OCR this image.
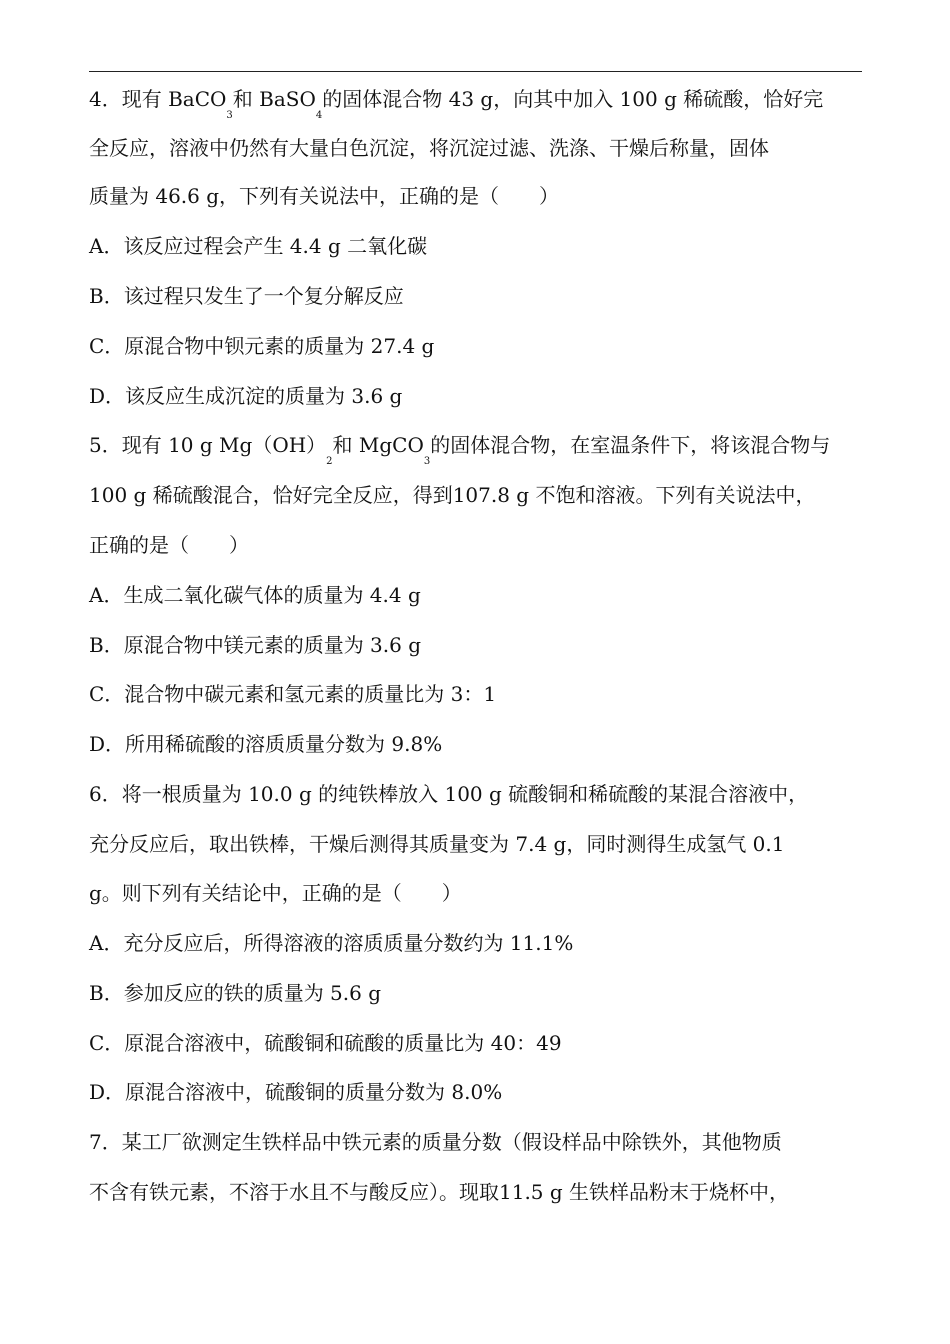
4．现有 BaCO$_3$和 BaSO$_4$的固体混合物 43 g，向其中加入 100 g 稀硫酸，恰好完
全反应，溶液中仍然有大量白色沉淀，将沉淀过滤、洗涤、干燥后称量，固体
质量为 46.6 g，下列有关说法中，正确的是（　　）
A．该反应过程会产生 4.4 g 二氧化碳
B．该过程只发生了一个复分解反应
C．原混合物中钡元素的质量为 27.4 g
D．该反应生成沉淀的质量为 3.6 g
5．现有 10 g $Mg(OH)_2$和 MgCO$_3$的固体混合物，在室温条件下，将该混合物与
100 g 稀硫酸混合，恰好完全反应，得到107.8 g 不饱和溶液。下列有关说法中，
正确的是（　　）
A．生成二氧化碳气体的质量为 4.4 g
B．原混合物中镁元素的质量为 3.6 g
C．混合物中碳元素和氢元素的质量比为 3：1
D．所用稀硫酸的溶质质量分数为 9.8%
6．将一根质量为 10.0 g 的纯铁棒放入 100 g 硫酸铜和稀硫酸的某混合溶液中，
充分反应后，取出铁棒，干燥后测得其质量变为 7.4 g，同时测得生成氢气 0.1
g。则下列有关结论中，正确的是（　　）
A．充分反应后，所得溶液的溶质质量分数约为 11.1%
B．参加反应的铁的质量为 5.6 g
C．原混合溶液中，硫酸铜和硫酸的质量比为 40：49
D．原混合溶液中，硫酸铜的质量分数为 8.0%
7．某工厂欲测定生铁样品中铁元素的质量分数（假设样品中除铁外，其他物质
不含有铁元素，不溶于水且不与酸反应）。现取11.5 g 生铁样品粉末于烧杯中，
